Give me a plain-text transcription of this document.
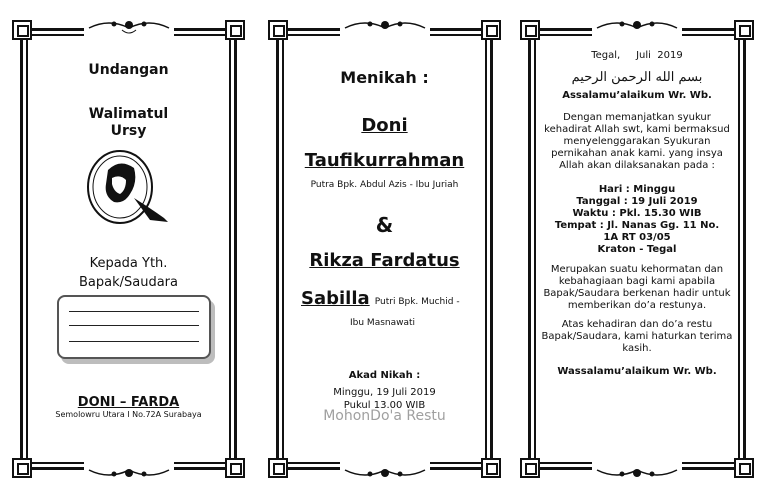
Undangan
Walimatul
Ursy
Kepada Yth.
Bapak/Saudara
DONI – FARDA
Semolowru Utara I No.72A Surabaya
Menikah :
Doni
Taufikurrahman
Putra Bpk. Abdul Azis - Ibu Juriah
&
Rikza Fardatus
Sabilla Putri Bpk. Muchid -
Ibu Masnawati
Akad Nikah :
Minggu, 19 Juli 2019
Pukul 13.00 WIB
MohonDo'a Restu
Tegal,     Juli  2019
بسم الله الرحمن الرحيم
Assalamu’alaikum Wr. Wb.
Dengan memanjatkan syukur kehadirat Allah swt, kami bermaksud menyelenggarakan Syukuran pernikahan anak kami. yang insya Allah akan dilaksanakan pada :
Hari : Minggu
Tanggal : 19 Juli 2019
Waktu : Pkl. 15.30 WIB
Tempat : Jl. Nanas Gg. 11 No.
1A RT 03/05
Kraton - Tegal
Merupakan suatu kehormatan dan kebahagiaan bagi kami apabila Bapak/Saudara berkenan hadir untuk memberikan do’a restunya.
Atas kehadiran dan do’a restu Bapak/Saudara, kami haturkan terima kasih.
Wassalamu’alaikum Wr. Wb.
